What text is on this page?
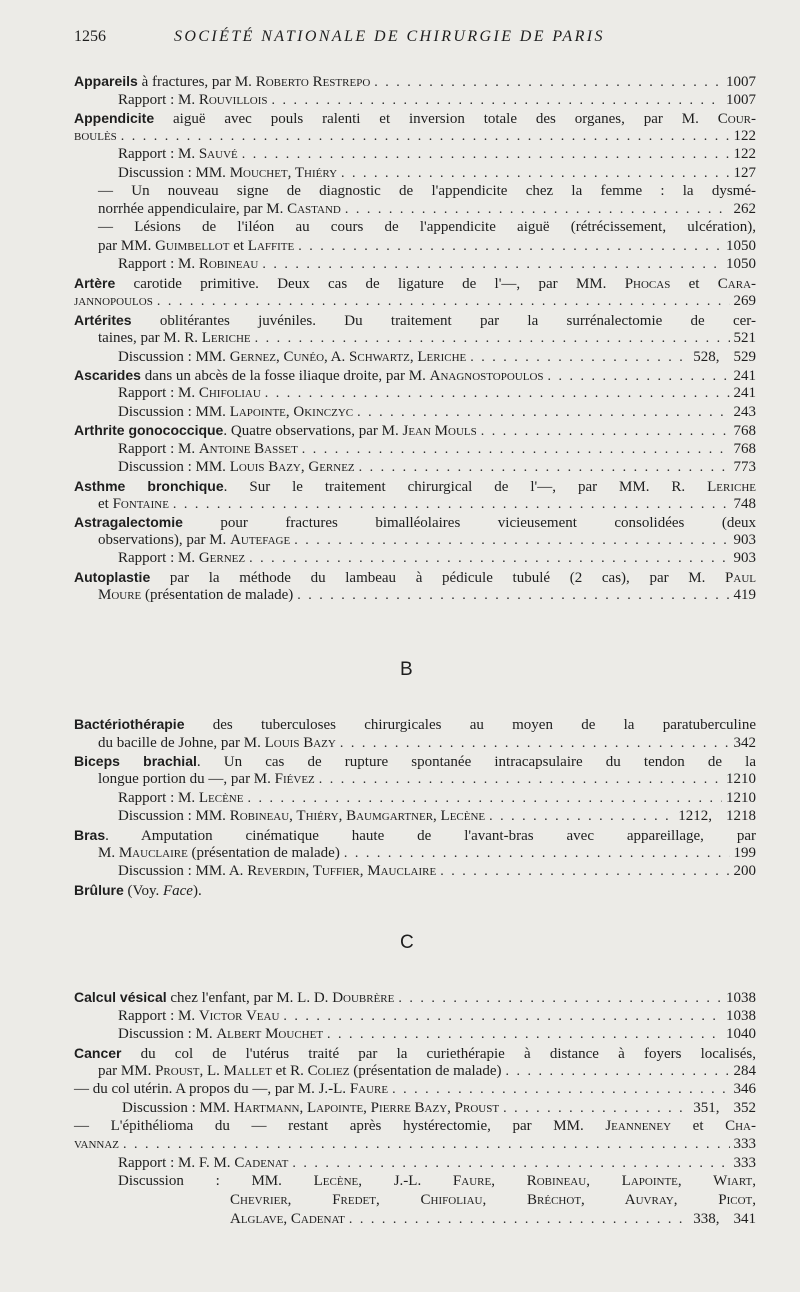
1256	SOCIÉTÉ NATIONALE DE CHIRURGIE DE PARIS
Appareils à fractures, par M. Roberto Restrepo . . .	1007
Rapport : M. Rouvillois . . .	1007
Appendicite aiguë avec pouls ralenti et inversion totale des organes, par M. Cour-
boulès . . .	122
Rapport : M. Sauvé . . .	122
Discussion : MM. Mouchet, Thiéry . . .	127
— Un nouveau signe de diagnostic de l'appendicite chez la femme : la dysmé-
norrhée appendiculaire, par M. Castand . . .	262
— Lésions de l'iléon au cours de l'appendicite aiguë (rétrécissement, ulcération),
par MM. Guimbellot et Laffite . . .	1050
Rapport : M. Robineau . . .	1050
Artère carotide primitive. Deux cas de ligature de l'—, par MM. Phocas et Cara-
jannopoulos . . .	269
Artérites oblitérantes juvéniles. Du traitement par la surrénalectomie de cer-
taines, par M. R. Leriche . . .	521
Discussion : MM. Gernez, Cunéo, A. Schwartz, Leriche . . .	528, 529
Ascarides dans un abcès de la fosse iliaque droite, par M. Anagnostopoulos . . .	241
Rapport : M. Chifoliau . . .	241
Discussion : MM. Lapointe, Okinczyc . . .	243
Arthrite gonococcique. Quatre observations, par M. Jean Mouls . . .	768
Rapport : M. Antoine Basset . . .	768
Discussion : MM. Louis Bazy, Gernez . . .	773
Asthme bronchique. Sur le traitement chirurgical de l'—, par MM. R. Leriche
et Fontaine . . .	748
Astragalectomie pour fractures bimalléolaires vicieusement consolidées (deux
observations), par M. Autefage . . .	903
Rapport : M. Gernez . . .	903
Autoplastie par la méthode du lambeau à pédicule tubulé (2 cas), par M. Paul
Moure (présentation de malade) . . .	419
B
Bactériothérapie des tuberculoses chirurgicales au moyen de la paratuberculine
du bacille de Johne, par M. Louis Bazy . . .	342
Biceps brachial. Un cas de rupture spontanée intracapsulaire du tendon de la
longue portion du —, par M. Fiévez . . .	1210
Rapport : M. Lecène . . .	1210
Discussion : MM. Robineau, Thiéry, Baumgartner, Lecène . . .	1212, 1218
Bras. Amputation cinématique haute de l'avant-bras avec appareillage, par
M. Mauclaire (présentation de malade) . . .	199
Discussion : MM. A. Reverdin, Tuffier, Mauclaire . . .	200
Brûlure (Voy. Face).
C
Calcul vésical chez l'enfant, par M. L. D. Doubrère . . .	1038
Rapport : M. Victor Veau . . .	1038
Discussion : M. Albert Mouchet . . .	1040
Cancer du col de l'utérus traité par la curiethérapie à distance à foyers localisés,
par MM. Proust, L. Mallet et R. Coliez (présentation de malade) . . .	284
— du col utérin. A propos du —, par M. J.-L. Faure . . .	346
Discussion : MM. Hartmann, Lapointe, Pierre Bazy, Proust . . .	351, 352
— L'épithélioma du — restant après hystérectomie, par MM. Jeanneney et Cha-
vannaz . . .	333
Rapport : M. F. M. Cadenat . . .	333
Discussion : MM. Lecène, J.-L. Faure, Robineau, Lapointe, Wiart,
Chevrier, Fredet, Chifoliau, Bréchot, Auvray, Picot,
Alglave, Cadenat . . .	338, 341
